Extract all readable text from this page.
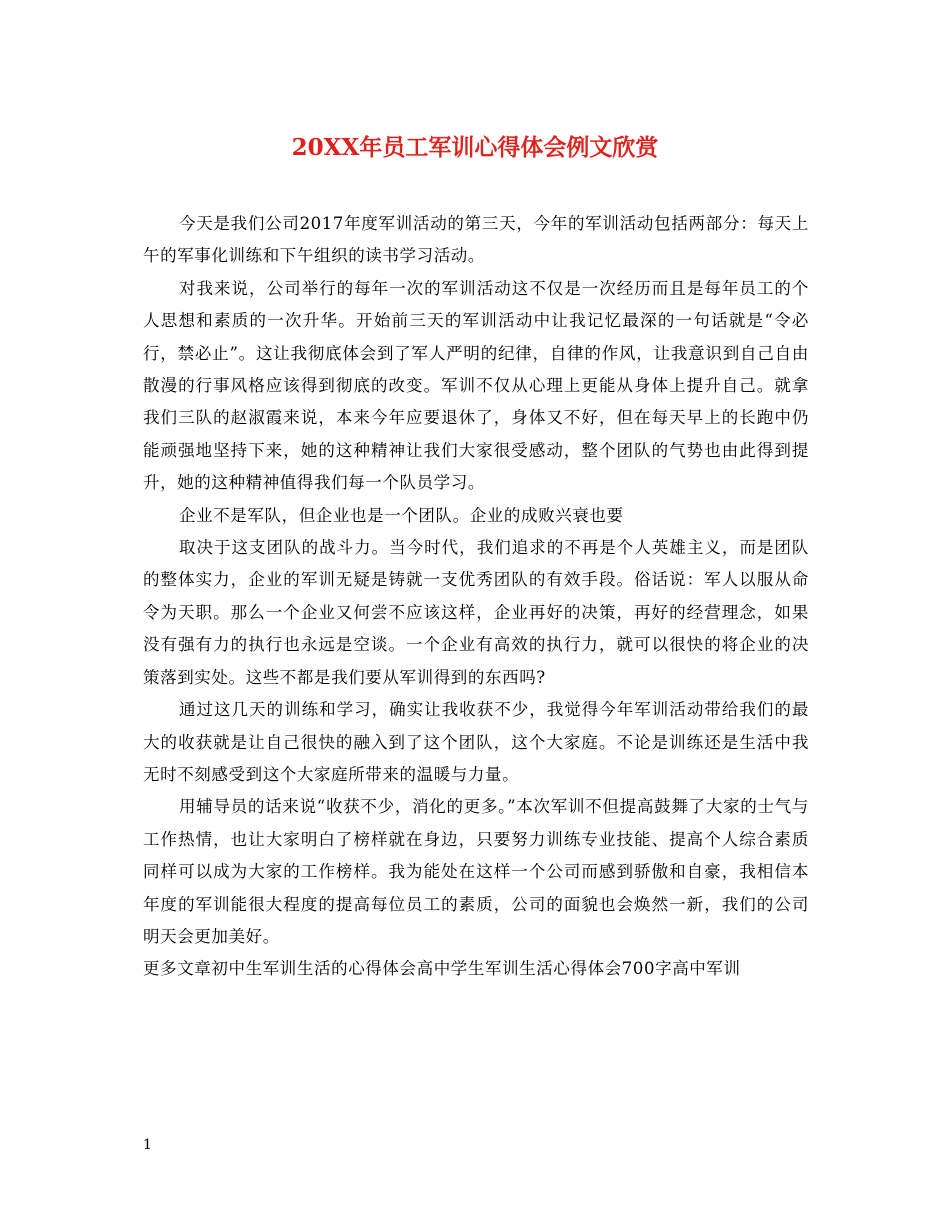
20XX年员工军训心得体会例文欣赏

今天是我们公司2017年度军训活动的第三天，今年的军训活动包括两部分：每天上午的军事化训练和下午组织的读书学习活动。

对我来说，公司举行的每年一次的军训活动这不仅是一次经历而且是每年员工的个人思想和素质的一次升华。开始前三天的军训活动中让我记忆最深的一句话就是“令必行，禁必止”。这让我彻底体会到了军人严明的纪律，自律的作风，让我意识到自己自由散漫的行事风格应该得到彻底的改变。军训不仅从心理上更能从身体上提升自己。就拿我们三队的赵淑霞来说，本来今年应要退休了，身体又不好，但在每天早上的长跑中仍能顽强地坚持下来，她的这种精神让我们大家很受感动，整个团队的气势也由此得到提升，她的这种精神值得我们每一个队员学习。

企业不是军队，但企业也是一个团队。企业的成败兴衰也要

取决于这支团队的战斗力。当今时代，我们追求的不再是个人英雄主义，而是团队的整体实力，企业的军训无疑是铸就一支优秀团队的有效手段。俗话说：军人以服从命令为天职。那么一个企业又何尝不应该这样，企业再好的决策，再好的经营理念，如果没有强有力的执行也永远是空谈。一个企业有高效的执行力，就可以很快的将企业的决策落到实处。这些不都是我们要从军训得到的东西吗?

通过这几天的训练和学习，确实让我收获不少，我觉得今年军训活动带给我们的最大的收获就是让自己很快的融入到了这个团队，这个大家庭。不论是训练还是生活中我无时不刻感受到这个大家庭所带来的温暖与力量。

用辅导员的话来说“收获不少，消化的更多。”本次军训不但提高鼓舞了大家的士气与工作热情，也让大家明白了榜样就在身边，只要努力训练专业技能、提高个人综合素质同样可以成为大家的工作榜样。我为能处在这样一个公司而感到骄傲和自豪，我相信本年度的军训能很大程度的提高每位员工的素质，公司的面貌也会焕然一新，我们的公司明天会更加美好。

更多文章初中生军训生活的心得体会高中学生军训生活心得体会700字高中军训

1
